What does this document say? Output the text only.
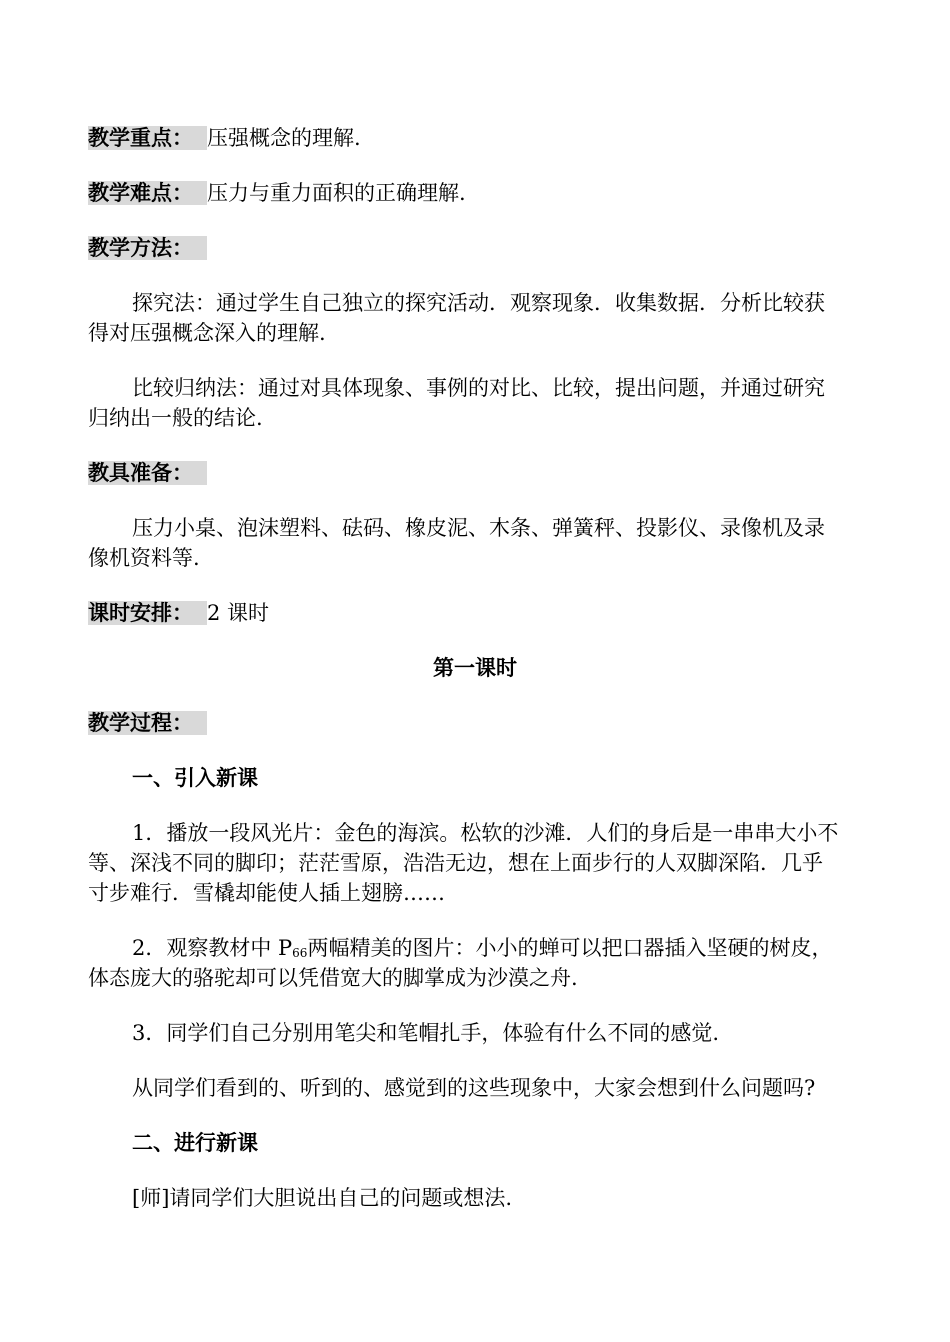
教学重点： 压强概念的理解.
教学难点： 压力与重力面积的正确理解.
教学方法：
探究法：通过学生自己独立的探究活动．观察现象．收集数据．分析比较获
得对压强概念深入的理解.
比较归纳法：通过对具体现象、事例的对比、比较，提出问题，并通过研究
归纳出一般的结论.
教具准备：
压力小桌、泡沫塑料、砝码、橡皮泥、木条、弹簧秤、投影仪、录像机及录
像机资料等.
课时安排： 2 课时
第一课时
教学过程：
一、引入新课
1．播放一段风光片：金色的海滨。松软的沙滩．人们的身后是一串串大小不
等、深浅不同的脚印；茫茫雪原，浩浩无边，想在上面步行的人双脚深陷．几乎
寸步难行．雪橇却能使人插上翅膀……
2．观察教材中 $P_{66}$两幅精美的图片：小小的蝉可以把口器插入坚硬的树皮，
体态庞大的骆驼却可以凭借宽大的脚掌成为沙漠之舟.
3．同学们自己分别用笔尖和笔帽扎手，体验有什么不同的感觉.
从同学们看到的、听到的、感觉到的这些现象中，大家会想到什么问题吗?
二、进行新课
[师]请同学们大胆说出自己的问题或想法.
